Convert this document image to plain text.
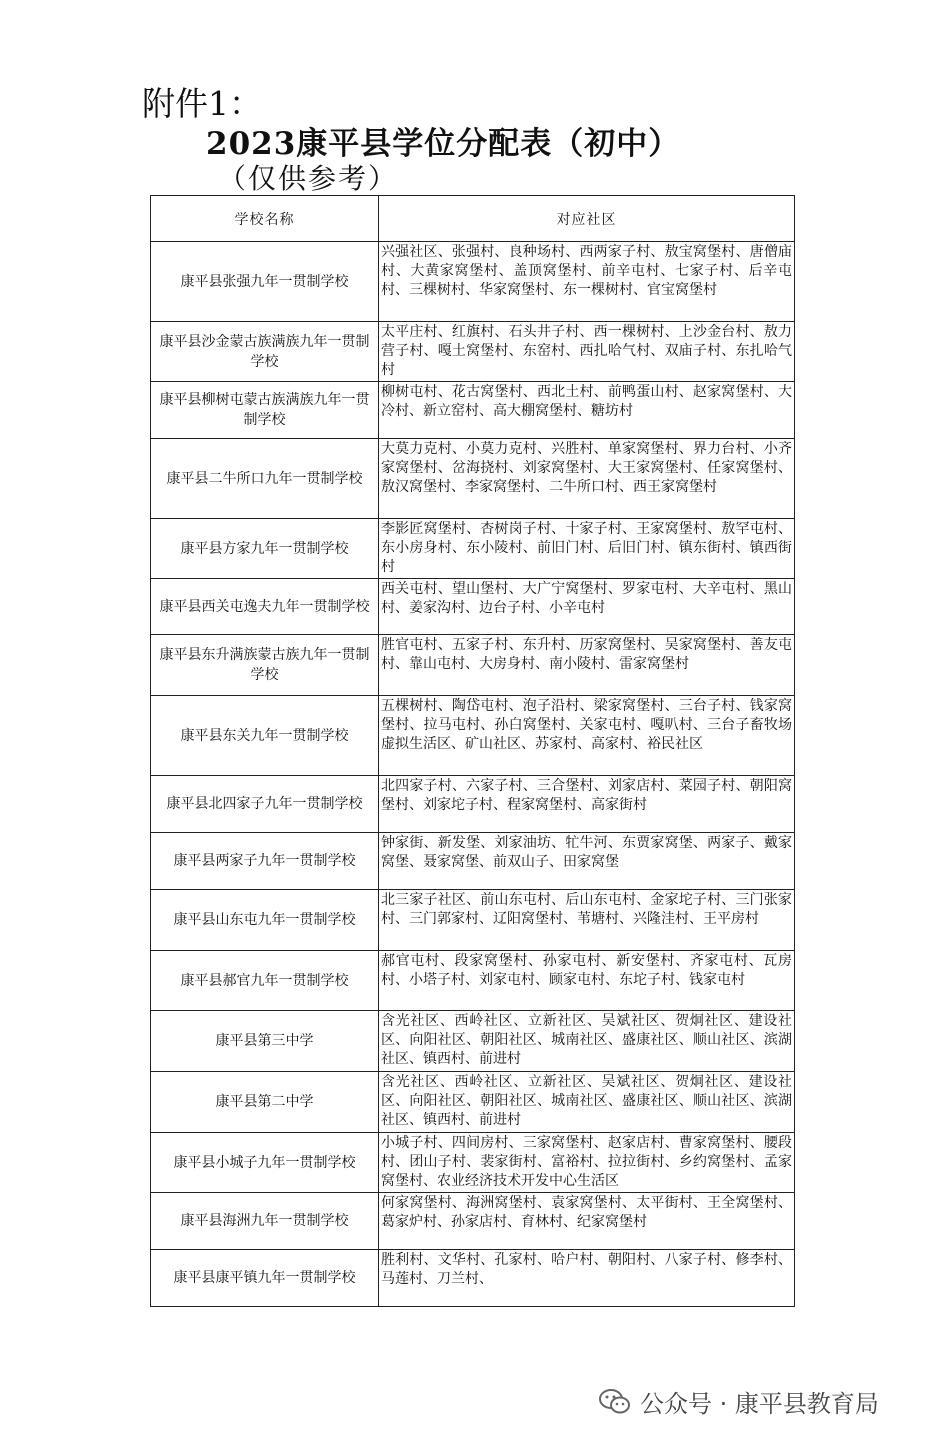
附件1：
2023康平县学位分配表（初中）
（仅供参考）
学校名称	对应社区
康平县张强九年一贯制学校	兴强社区、张强村、良种场村、西两家子村、敖宝窝堡村、唐僧庙村、大黄家窝堡村、盖顶窝堡村、前辛屯村、七家子村、后辛屯村、三棵树村、华家窝堡村、东一棵树村、官宝窝堡村
康平县沙金蒙古族满族九年一贯制学校	太平庄村、红旗村、石头井子村、西一棵树村、上沙金台村、敖力营子村、嘎土窝堡村、东窑村、西扎哈气村、双庙子村、东扎哈气村
康平县柳树屯蒙古族满族九年一贯制学校	柳树屯村、花古窝堡村、西北土村、前鸭蛋山村、赵家窝堡村、大冷村、新立窑村、高大棚窝堡村、糖坊村
康平县二牛所口九年一贯制学校	大莫力克村、小莫力克村、兴胜村、单家窝堡村、界力台村、小齐家窝堡村、岔海挠村、刘家窝堡村、大王家窝堡村、任家窝堡村、敖汉窝堡村、李家窝堡村、二牛所口村、西王家窝堡村
康平县方家九年一贯制学校	李影匠窝堡村、杏树岗子村、十家子村、王家窝堡村、敖罕屯村、东小房身村、东小陵村、前旧门村、后旧门村、镇东街村、镇西街村
康平县西关屯逸夫九年一贯制学校	西关屯村、望山堡村、大广宁窝堡村、罗家屯村、大辛屯村、黑山村、姜家沟村、边台子村、小辛屯村
康平县东升满族蒙古族九年一贯制学校	胜官屯村、五家子村、东升村、历家窝堡村、吴家窝堡村、善友屯村、靠山屯村、大房身村、南小陵村、雷家窝堡村
康平县东关九年一贯制学校	五棵树村、陶岱屯村、泡子沿村、梁家窝堡村、三台子村、钱家窝堡村、拉马屯村、孙白窝堡村、关家屯村、嘎叭村、三台子畜牧场虚拟生活区、矿山社区、苏家村、高家村、裕民社区
康平县北四家子九年一贯制学校	北四家子村、六家子村、三合堡村、刘家店村、菜园子村、朝阳窝堡村、刘家坨子村、程家窝堡村、高家街村
康平县两家子九年一贯制学校	钟家街、新发堡、刘家油坊、牤牛河、东贾家窝堡、两家子、戴家窝堡、聂家窝堡、前双山子、田家窝堡
康平县山东屯九年一贯制学校	北三家子社区、前山东屯村、后山东屯村、金家坨子村、三门张家村、三门郭家村、辽阳窝堡村、苇塘村、兴隆洼村、王平房村
康平县郝官九年一贯制学校	郝官屯村、段家窝堡村、孙家屯村、新安堡村、齐家屯村、瓦房村、小塔子村、刘家屯村、顾家屯村、东坨子村、钱家屯村
康平县第三中学	含光社区、西岭社区、立新社区、吴斌社区、贺炯社区、建设社区、向阳社区、朝阳社区、城南社区、盛康社区、顺山社区、滨湖社区、镇西村、前进村
康平县第二中学	含光社区、西岭社区、立新社区、吴斌社区、贺炯社区、建设社区、向阳社区、朝阳社区、城南社区、盛康社区、顺山社区、滨湖社区、镇西村、前进村
康平县小城子九年一贯制学校	小城子村、四间房村、三家窝堡村、赵家店村、曹家窝堡村、腰段村、团山子村、裴家街村、富裕村、拉拉街村、乡约窝堡村、孟家窝堡村、农业经济技术开发中心生活区
康平县海洲九年一贯制学校	何家窝堡村、海洲窝堡村、袁家窝堡村、太平街村、王全窝堡村、葛家炉村、孙家店村、育林村、纪家窝堡村
康平县康平镇九年一贯制学校	胜利村、文华村、孔家村、哈户村、朝阳村、八家子村、修李村、马莲村、刀兰村、
公众号 · 康平县教育局
